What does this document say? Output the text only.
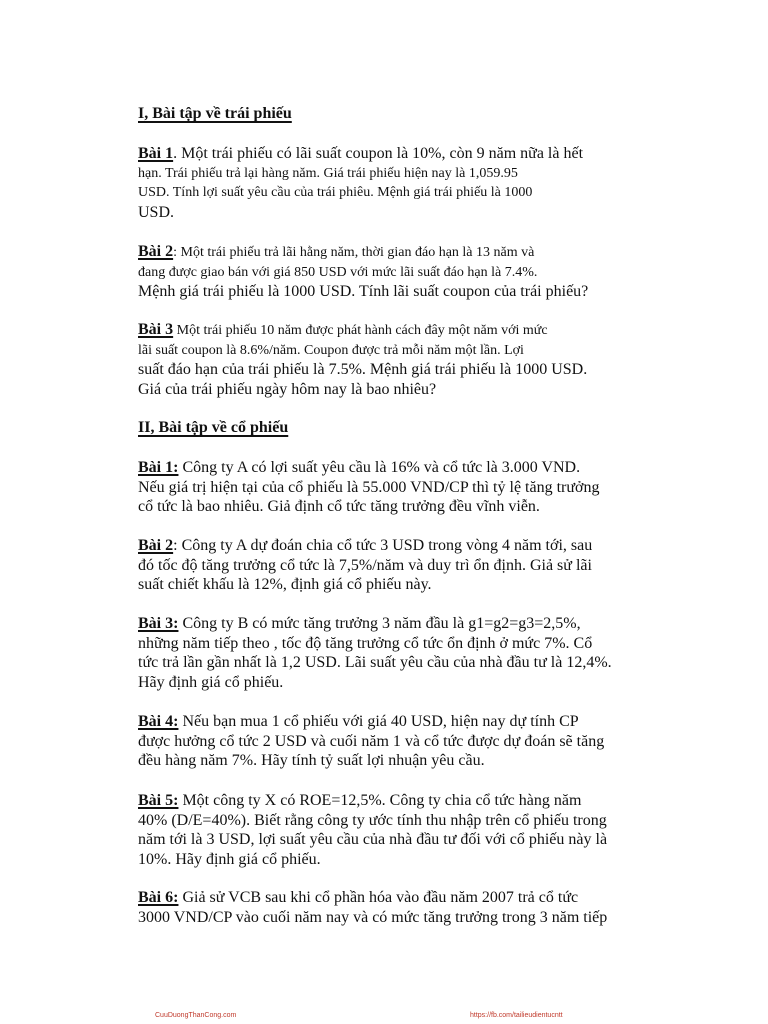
I, Bài tập về trái phiếu
Bài 1. Một trái phiếu có lãi suất coupon là 10%, còn 9 năm nữa là hết
hạn. Trái phiếu trả lại hàng năm. Giá trái phiếu hiện nay là 1,059.95
USD. Tính lợi suất yêu cầu của trái phiêu. Mệnh giá trái phiếu là 1000
USD.
Bài 2: Một trái phiếu trả lãi hằng năm, thời gian đáo hạn là 13 năm và
đang được giao bán với giá 850 USD với mức lãi suất đáo hạn là 7.4%.
Mệnh giá trái phiếu là 1000 USD. Tính lãi suất coupon của trái phiếu?
Bài 3 Một trái phiếu 10 năm được phát hành cách đây một năm với mức
lãi suất coupon là 8.6%/năm. Coupon được trả mỗi năm một lần. Lợi
suất đáo hạn của trái phiếu là 7.5%. Mệnh giá trái phiếu là 1000 USD.
Giá của trái phiếu ngày hôm nay là bao nhiêu?
II, Bài tập về cổ phiếu
Bài 1: Công ty A có lợi suất yêu cầu là 16% và cổ tức là 3.000 VND.
Nếu giá trị hiện tại của cổ phiếu là 55.000 VND/CP thì tỷ lệ tăng trưởng
cổ tức là bao nhiêu. Giả định cổ tức tăng trưởng đều vĩnh viễn.
Bài 2: Công ty A dự đoán chia cổ tức 3 USD trong vòng 4 năm tới, sau
đó tốc độ tăng trưởng cổ tức là 7,5%/năm và duy trì ổn định. Giả sử lãi
suất chiết khấu là 12%, định giá cổ phiếu này.
Bài 3: Công ty B có mức tăng trưởng 3 năm đầu là g1=g2=g3=2,5%,
những năm tiếp theo , tốc độ tăng trưởng cổ tức ổn định ở mức 7%. Cổ
tức trả lần gần nhất là 1,2 USD. Lãi suất yêu cầu của nhà đầu tư là 12,4%.
Hãy định giá cổ phiếu.
Bài 4: Nếu bạn mua 1 cổ phiếu với giá 40 USD, hiện nay dự tính CP
được hưởng cổ tức 2 USD và cuối năm 1 và cổ tức được dự đoán sẽ tăng
đều hàng năm 7%. Hãy tính tỷ suất lợi nhuận yêu cầu.
Bài 5: Một công ty X có ROE=12,5%. Công ty chia cổ tức hàng năm
40% (D/E=40%). Biết rằng công ty ước tính thu nhập trên cổ phiếu trong
năm tới là 3 USD, lợi suất yêu cầu của nhà đầu tư đối với cổ phiếu này là
10%. Hãy định giá cổ phiếu.
Bài 6: Giả sử VCB sau khi cổ phần hóa vào đầu năm 2007 trả cổ tức
3000 VND/CP vào cuối năm nay và có mức tăng trưởng trong 3 năm tiếp
CuuDuongThanCong.com	https://fb.com/tailieudientucntt
